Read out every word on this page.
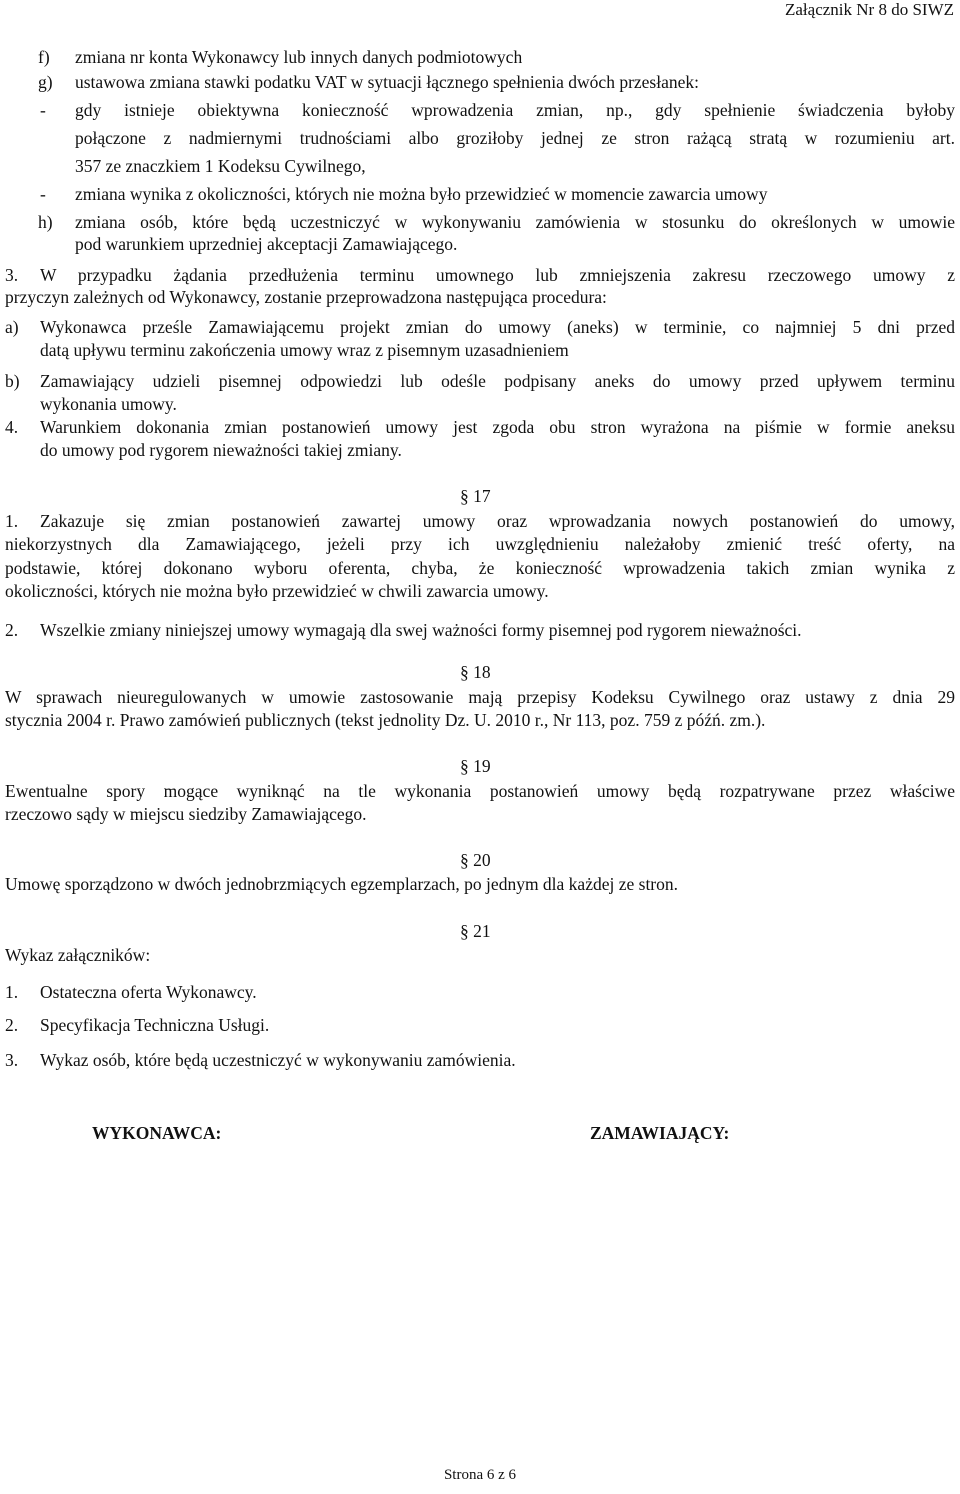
Załącznik Nr 8 do SIWZ
f) zmiana nr konta Wykonawcy lub innych danych podmiotowych
g) ustawowa zmiana stawki podatku VAT w sytuacji łącznego spełnienia dwóch przesłanek:
- gdy istnieje obiektywna konieczność wprowadzenia zmian, np., gdy spełnienie świadczenia byłoby
połączone z nadmiernymi trudnościami albo groziłoby jednej ze stron rażącą stratą w rozumieniu art.
357 ze znaczkiem 1 Kodeksu Cywilnego,
- zmiana wynika z okoliczności, których nie można było przewidzieć w momencie zawarcia umowy
h) zmiana osób, które będą uczestniczyć w wykonywaniu zamówienia w stosunku do określonych w umowie
pod warunkiem uprzedniej akceptacji Zamawiającego.
3. W przypadku żądania przedłużenia terminu umownego lub zmniejszenia zakresu rzeczowego umowy z
przyczyn zależnych od Wykonawcy, zostanie przeprowadzona następująca procedura:
a) Wykonawca prześle Zamawiającemu projekt zmian do umowy (aneks) w terminie, co najmniej 5 dni przed
datą upływu terminu zakończenia umowy wraz z pisemnym uzasadnieniem
b) Zamawiający udzieli pisemnej odpowiedzi lub odeśle podpisany aneks do umowy przed upływem terminu
wykonania umowy.
4. Warunkiem dokonania zmian postanowień umowy jest zgoda obu stron wyrażona na piśmie w formie aneksu
do umowy pod rygorem nieważności takiej zmiany.
§ 17
1. Zakazuje się zmian postanowień zawartej umowy oraz wprowadzania nowych postanowień do umowy,
niekorzystnych dla Zamawiającego, jeżeli przy ich uwzględnieniu należałoby zmienić treść oferty, na
podstawie, której dokonano wyboru oferenta, chyba, że konieczność wprowadzenia takich zmian wynika z
okoliczności, których nie można było przewidzieć w chwili zawarcia umowy.
2. Wszelkie zmiany niniejszej umowy wymagają dla swej ważności formy pisemnej pod rygorem nieważności.
§ 18
W sprawach nieuregulowanych w umowie zastosowanie mają przepisy Kodeksu Cywilnego oraz ustawy z dnia 29
stycznia 2004 r. Prawo zamówień publicznych (tekst jednolity Dz. U. 2010 r., Nr 113, poz. 759 z późń. zm.).
§ 19
Ewentualne spory mogące wyniknąć na tle wykonania postanowień umowy będą rozpatrywane przez właściwe
rzeczowo sądy w miejscu siedziby Zamawiającego.
§ 20
Umowę sporządzono w dwóch jednobrzmiących egzemplarzach, po jednym dla każdej ze stron.
§ 21
Wykaz załączników:
1. Ostateczna oferta Wykonawcy.
2. Specyfikacja Techniczna Usługi.
3. Wykaz osób, które będą uczestniczyć w wykonywaniu zamówienia.
WYKONAWCA:	ZAMAWIAJĄCY:
Strona 6 z 6
